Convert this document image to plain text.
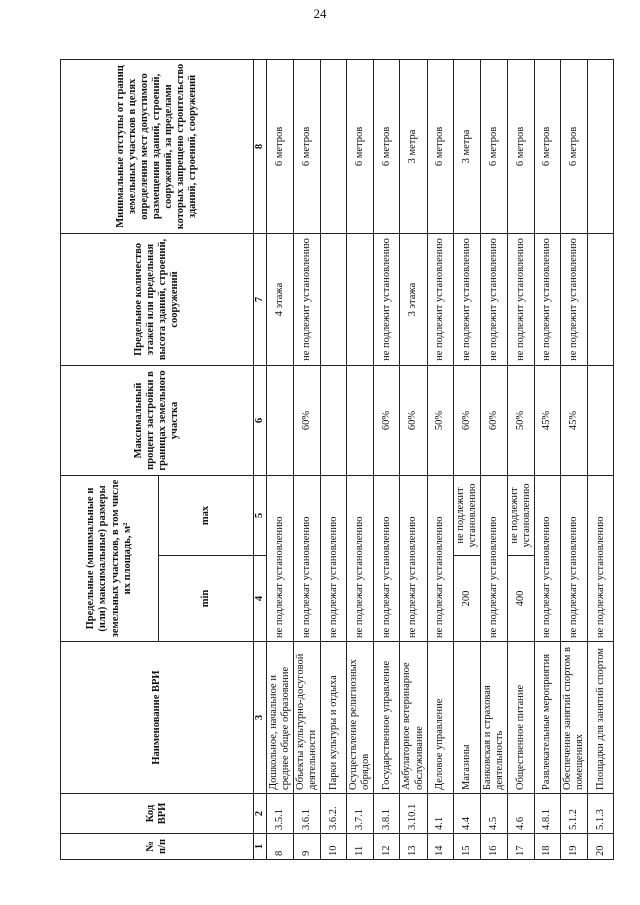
24
№ п/п	Код ВРИ	Наименование ВРИ	Предельные (минимальные и (или) максимальные) размеры земельных участков, в том числе их площадь, м²		Максимальный процент застройки в границах земельного участка	Предельное количество этажей или предельная высота зданий, строений, сооружений	Минимальные отступы от границ земельных участков в целях определения мест допустимого размещения зданий, строений, сооружений, за пределами которых запрещено строительство зданий, строений, сооружений
			min	max			
1	2	3	4	5	6	7	8
8	3.5.1	Дошкольное, начальное и среднее общее образование	не подлежат установлению			4 этажа	6 метров
9	3.6.1	Объекты культурно-досуговой деятельности	не подлежат установлению		60%	не подлежит установлению	6 метров
10	3.6.2.	Парки культуры и отдыха	не подлежат установлению				
11	3.7.1	Осуществление религиозных обрядов	не подлежат установлению				6 метров
12	3.8.1	Государственное управление	не подлежат установлению		60%	не подлежит установлению	6 метров
13	3.10.1	Амбулаторное ветеринарное обслуживание	не подлежат установлению		60%	3 этажа	3 метра
14	4.1	Деловое управление	не подлежат установлению		50%	не подлежит установлению	6 метров
15	4.4	Магазины	200	не подлежит установлению	60%	не подлежит установлению	3 метра
16	4.5	Банковская и страховая деятельность	не подлежат установлению		60%	не подлежит установлению	6 метров
17	4.6	Общественное питание	400	не подлежит установлению	50%	не подлежит установлению	6 метров
18	4.8.1	Развлекательные мероприятия	не подлежат установлению		45%	не подлежит установлению	6 метров
19	5.1.2	Обеспечение занятий спортом в помещениях	не подлежат установлению		45%	не подлежит установлению	6 метров
20	5.1.3	Площадки для занятий спортом	не подлежат установлению				
